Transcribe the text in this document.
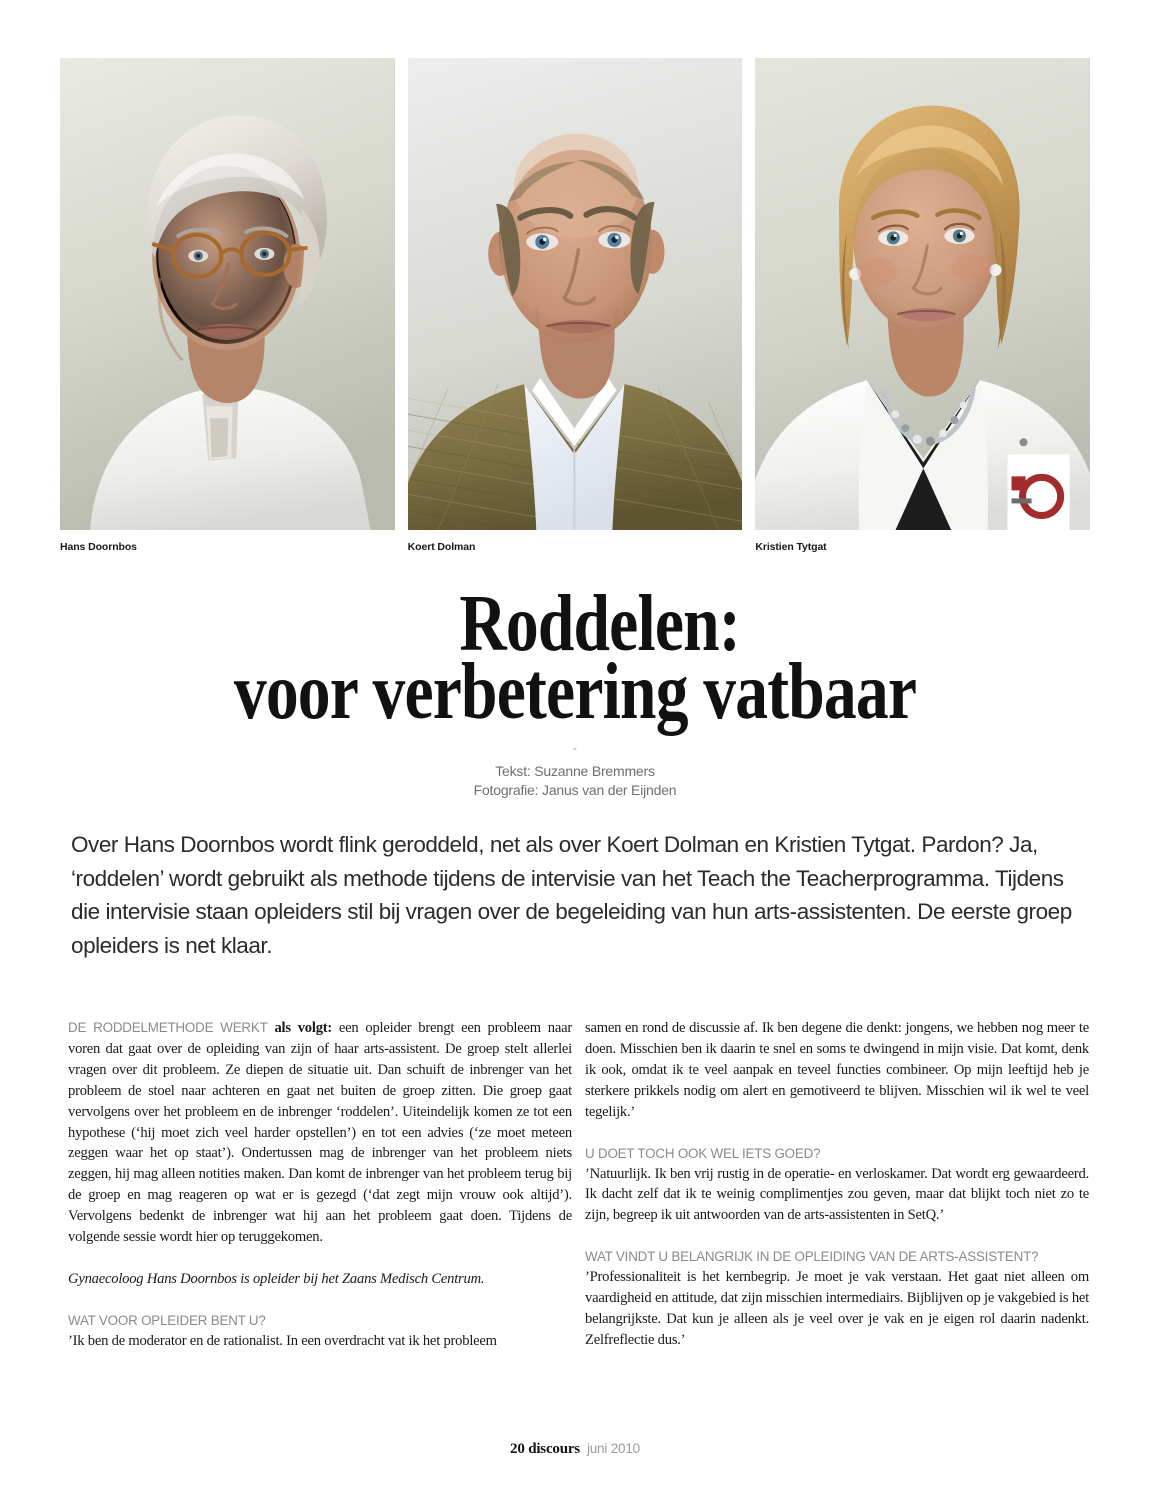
Hans Doornbos	Koert Dolman	Kristien Tytgat
Roddelen:
voor verbetering vatbaar
-
Tekst: Suzanne Bremmers
Fotografie: Janus van der Eijnden
Over Hans Doornbos wordt flink geroddeld, net als over Koert Dolman en Kristien Tytgat. Pardon? Ja, ‘roddelen’ wordt gebruikt als methode tijdens de intervisie van het Teach the Teacherprogramma. Tijdens die intervisie staan opleiders stil bij vragen over de begeleiding van hun arts-assistenten. De eerste groep opleiders is net klaar.

DE RODDELMETHODE WERKT als volgt: een opleider brengt een probleem naar voren dat gaat over de opleiding van zijn of haar arts-assistent. De groep stelt allerlei vragen over dit probleem. Ze diepen de situatie uit. Dan schuift de inbrenger van het probleem de stoel naar achteren en gaat net buiten de groep zitten. Die groep gaat vervolgens over het probleem en de inbrenger ‘roddelen’. Uiteindelijk komen ze tot een hypothese (‘hij moet zich veel harder opstellen’) en tot een advies (‘ze moet meteen zeggen waar het op staat’). Ondertussen mag de inbrenger van het probleem niets zeggen, hij mag alleen notities maken. Dan komt de inbrenger van het probleem terug bij de groep en mag reageren op wat er is gezegd (‘dat zegt mijn vrouw ook altijd’). Vervolgens bedenkt de inbrenger wat hij aan het probleem gaat doen. Tijdens de volgende sessie wordt hier op teruggekomen.

Gynaecoloog Hans Doornbos is opleider bij het Zaans Medisch Centrum.
WAT VOOR OPLEIDER BENT U?

’Ik ben de moderator en de rationalist. In een overdracht vat ik het probleem

samen en rond de discussie af. Ik ben degene die denkt: jongens, we hebben nog meer te doen. Misschien ben ik daarin te snel en soms te dwingend in mijn visie. Dat komt, denk ik ook, omdat ik te veel aanpak en teveel functies combineer. Op mijn leeftijd heb je sterkere prikkels nodig om alert en gemotiveerd te blijven. Misschien wil ik wel te veel tegelijk.’

U DOET TOCH OOK WEL IETS GOED?

’Natuurlijk. Ik ben vrij rustig in de operatie- en verloskamer. Dat wordt erg gewaardeerd. Ik dacht zelf dat ik te weinig complimentjes zou geven, maar dat blijkt toch niet zo te zijn, begreep ik uit antwoorden van de arts-assistenten in SetQ.’

WAT VINDT U BELANGRIJK IN DE OPLEIDING VAN DE ARTS-ASSISTENT?

’Professionaliteit is het kernbegrip. Je moet je vak verstaan. Het gaat niet alleen om vaardigheid en attitude, dat zijn misschien intermediairs. Bijblijven op je vakgebied is het belangrijkste. Dat kun je alleen als je veel over je vak en je eigen rol daarin nadenkt. Zelfreflectie dus.’

20 discours juni 2010
